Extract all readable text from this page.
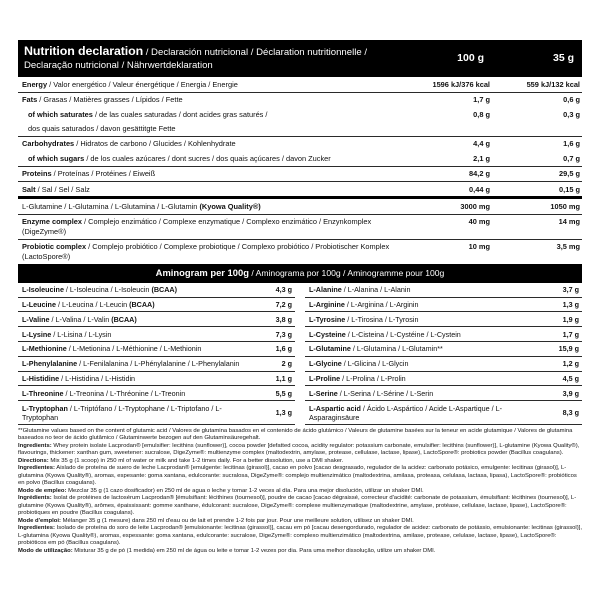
Nutrition declaration / Declaración nutricional / Déclaration nutritionnelle / Declaração nutricional / Nährwertdeklaration
100 g	35 g
Energy / Valor energético / Valeur énergétique / Energia / Energie	1596 kJ/376 kcal	559 kJ/132 kcal
Fats / Grasas / Matières grasses / Lípidos / Fette	1,7 g	0,6 g
of which saturates / de las cuales saturadas / dont acides gras saturés /	0,8 g	0,3 g
dos quais saturados / davon gesättitgte Fette		
Carbohydrates / Hidratos de carbono / Glucides / Kohlenhydrate	4,4 g	1,6 g
of which sugars / de los cuales azúcares / dont sucres / dos quais açúcares / davon Zucker	2,1 g	0,7 g
Proteins / Proteínas / Protéines / Eiweiß	84,2 g	29,5 g
Salt / Sal / Sel / Salz	0,44 g	0,15 g
L-Glutamine / L-Glutamina / L-Glutamina / L-Glutamin (Kyowa Quality®)	3000 mg	1050 mg
Enzyme complex / Complejo enzimático / Complexe enzymatique / Complexo enzimático / Enzynkomplex (DigeZyme®)	40 mg	14 mg
Probiotic complex / Complejo probiótico / Complexe probiotique / Complexo probiótico / Probiotischer Komplex (LactoSpore®)	10 mg	3,5 mg
Aminogram per 100g / Aminograma por 100g / Aminogramme pour 100g
L-Isoleucine / L-Isoleucina / L-Isoleucin (BCAA)	4,3 g
L-Leucine / L-Leucina / L-Leucin (BCAA)	7,2 g
L-Valine / L-Valina / L-Valin (BCAA)	3,8 g
L-Lysine / L-Lisina / L-Lysin	7,3 g
L-Methionine / L-Metionina / L-Méthionine / L-Methionin	1,6 g
L-Phenylalanine / L-Fenilalanina / L-Phénylalanine / L-Phenylalanin	2 g
L-Histidine / L-Histidina / L-Histidin	1,1 g
L-Threonine / L-Treonina / L-Thréonine / L-Treonin	5,5 g
L-Tryptophan / L-Triptófano / L-Tryptophane / L-Triptofano / L-Tryptophan	1,3 g
L-Alanine / L-Alanina / L-Alanin	3,7 g
L-Arginine / L-Arginina / L-Arginin	1,3 g
L-Tyrosine / L-Tirosina / L-Tyrosin	1,9 g
L-Cysteine / L-Cisteina / L-Cystéine / L-Cystein	1,7 g
L-Glutamine / L-Glutamina / L-Glutamin**	15,9 g
L-Glycine / L-Glicina / L-Glycin	1,2 g
L-Proline / L-Prolina / L-Prolin	4,5 g
L-Serine / L-Serina / L-Sérine / L-Serin	3,9 g
L-Aspartic acid / Ácido L-Aspártico / Acide L-Aspartique / L-Asparaginsäure	8,3 g

**Glutamine values based on the content of glutamic acid / Valores de glutamina basados en el contenido de ácido glutámico / Valeurs de glutamine basées sur la teneur en acide glutamique / Valores de glutamina baseados no teor de ácido glutâmico / Glutaminwerte bezogen auf den Glutaminsäuregehalt.

Ingredients: Whey protein isolate Lacprodan® [emulsifier: lecithins (sunflower)], cocoa powder [defatted cocoa, acidity regulator: potassium carbonate, emulsifier: lecithins (sunflower)], L-glutamine (Kyowa Quality®), flavourings, thickener: xanthan gum, sweetener: sucralose, DigeZyme®: multienzyme complex (maltodextrin, amylase, protease, cellulase, lactase, lipase), LactoSpore®: probiotics powder (Bacillus coagulans).

Directions: Mix 35 g (1 scoop) in 250 ml of water or milk and take 1-2 times daily. For a better dissolution, use a DMI shaker.

Ingredientes: Aislado de proteína de suero de leche Lacprodan® [emulgente: lecitinas (girasol)], cacao en polvo [cacao desgrasado, regulador de la acidez: carbonato potásico, emulgente: lecitinas (girasol)], L-glutamina (Kyowa Quality®), aromas, espesante: goma xantana, edulcorante: sucralosa, DigeZyme®: complejo multienzimático (maltodextrina, amilasa, proteasa, celulasa, lactasa, lipasa), LactoSpore®: probióticos en polvo (Bacillus coagulans).

Modo de empleo: Mezclar 35 g (1 cazo dosificador) en 250 ml de agua o leche y tomar 1-2 veces al día. Para una mejor disolución, utilizar un shaker DMI.

Ingrédients: Isolat de protéines de lactosérum Lacprodan® [émulsifiant: lécithines (tournesol)], poudre de cacao [cacao dégraissé, correcteur d'acidité: carbonate de potassium, émulsifiant: lécithines (tournesol)], L-glutamine (Kyowa Quality®), arômes, épaississant: gomme xanthane, édulcorant: sucralose, DigeZyme®: complexe multienzymatique (maltodextrine, amylase, protéase, cellulase, lactase, lipase), LactoSpore®: probiotiques en poudre (Bacillus coagulans).

Mode d'emploi: Mélanger 35 g (1 mesure) dans 250 ml d'eau ou de lait et prendre 1-2 fois par jour. Pour une meilleure solution, utilisez un shaker DMI.

Ingredientes: Isolado de proteína do soro de leite Lacprodan® [emulsionante: lecitinas (girassol)], cacau em pó [cacau desengordurado, regulador de acidez: carbonato de potássio, emulsionante: lecitinas (girassol)], L-glutamina (Kyowa Quality®), aromas, espessante: goma xantana, edulcorante: sucralose, DigeZyme®: complexo multienzimático (maltodextrina, amilase, protease, celulase, lactase, lipase), LactoSpore®: probióticos em pó (Bacillus coagulans).

Modo de utilização: Misturar 35 g de pó (1 medida) em 250 ml de água ou leite e tomar 1-2 vezes por dia. Para uma melhor dissolução, utilize um shaker DMI.
